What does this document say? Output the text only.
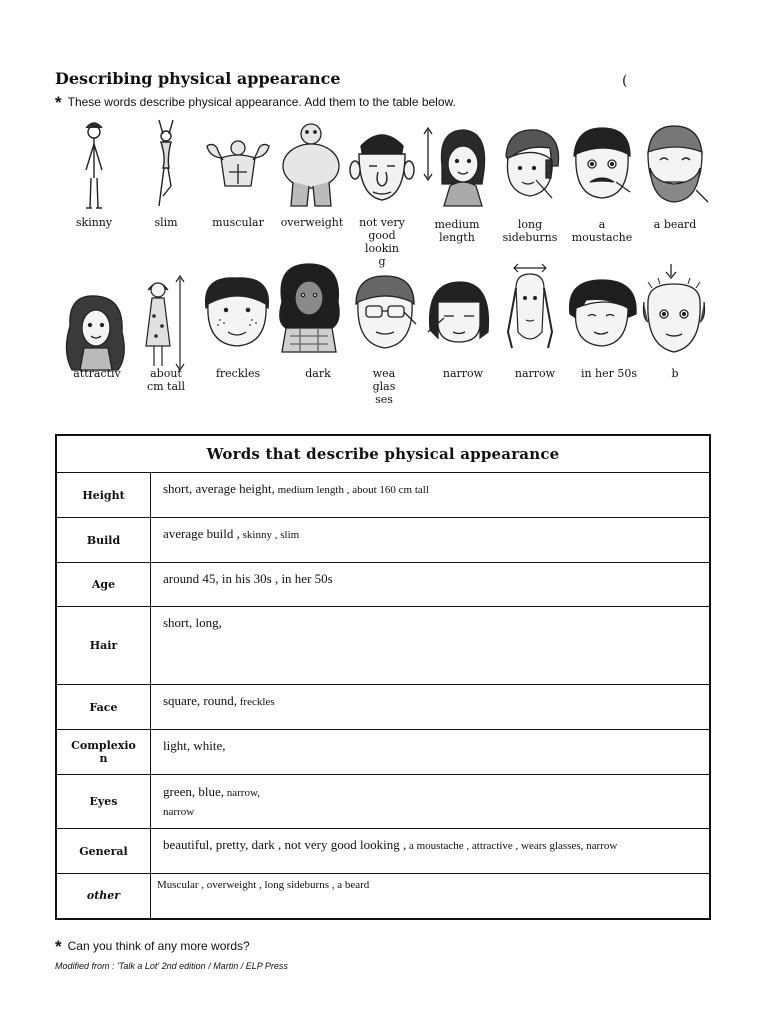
Describing physical appearance	(
* These words describe physical appearance. Add them to the table below.
skinny	slim	muscular	overweight	not very
good
lookin
g
medium
length
long
sideburns
a
moustache
a beard
attractiv	about
cm tall
freckles	dark	wea
glas
ses
narrow	narrow	in her 50s	b
Words that describe physical appearance	
Height	short, average height, medium length , about 160 cm tall
Build	average build , skinny , slim
Age	around 45, in his 30s , in her 50s
Hair	short, long,
Face	square, round, freckles
Complexio
n	light, white,
Eyes	green, blue, narrow,
narrow
General	beautiful, pretty, dark , not very good looking , a moustache , attractive , wears glasses, narrow
other	Muscular , overweight , long sideburns , a beard
* Can you think of any more words?
Modified from : 'Talk a Lot' 2nd edition / Martin / ELP Press
